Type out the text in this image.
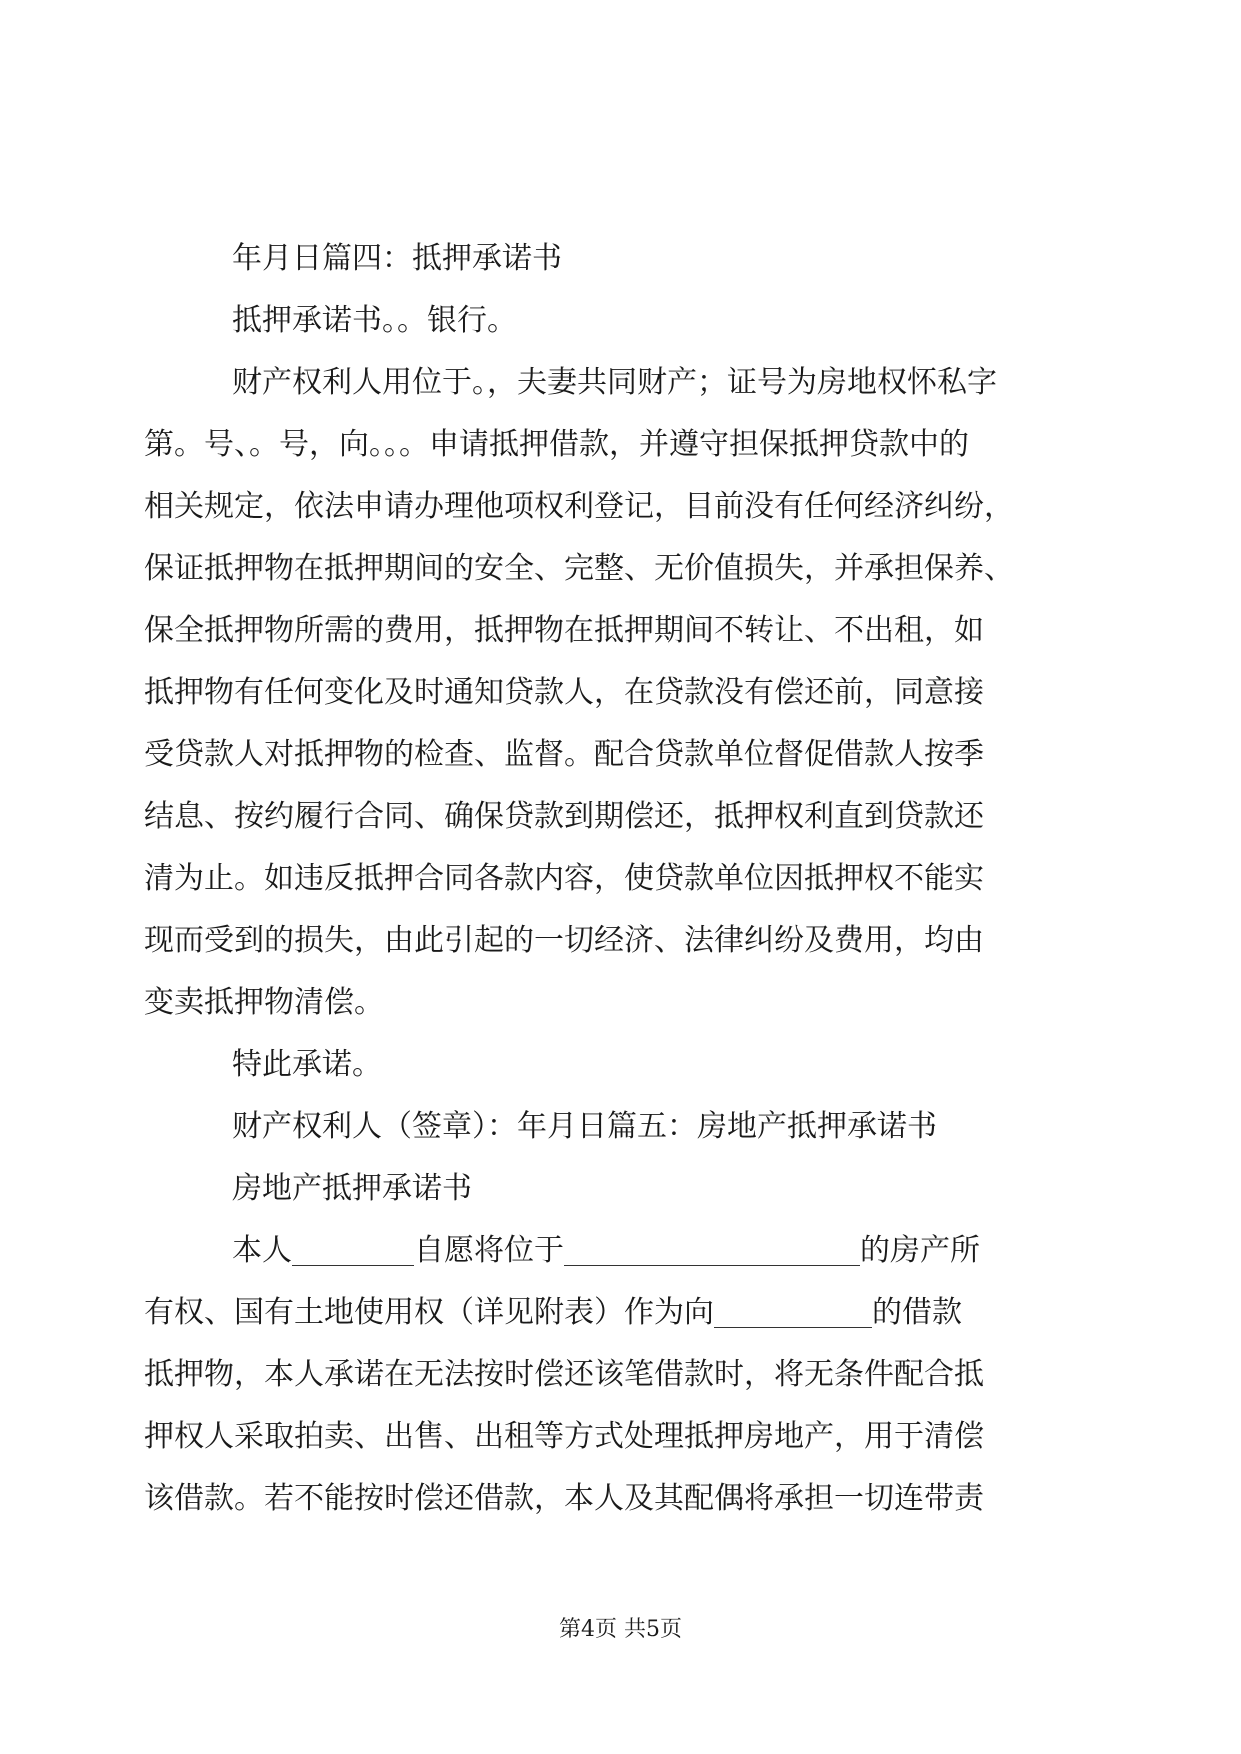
年月日篇四：抵押承诺书
抵押承诺书。。银行。
财产权利人用位于。，夫妻共同财产；证号为房地权怀私字
第。号、。号，向。。。申请抵押借款，并遵守担保抵押贷款中的
相关规定，依法申请办理他项权利登记，目前没有任何经济纠纷，
保证抵押物在抵押期间的安全、完整、无价值损失，并承担保养、
保全抵押物所需的费用，抵押物在抵押期间不转让、不出租，如
抵押物有任何变化及时通知贷款人，在贷款没有偿还前，同意接
受贷款人对抵押物的检查、监督。配合贷款单位督促借款人按季
结息、按约履行合同、确保贷款到期偿还，抵押权利直到贷款还
清为止。如违反抵押合同各款内容，使贷款单位因抵押权不能实
现而受到的损失，由此引起的一切经济、法律纠纷及费用，均由
变卖抵押物清偿。
特此承诺。
财产权利人（签章）：年月日篇五：房地产抵押承诺书
房地产抵押承诺书
本人	自愿将位于	的房产所
有权、国有土地使用权（详见附表）作为向	的借款
抵押物，本人承诺在无法按时偿还该笔借款时，将无条件配合抵
押权人采取拍卖、出售、出租等方式处理抵押房地产，用于清偿
该借款。若不能按时偿还借款，本人及其配偶将承担一切连带责
第4页 共5页
